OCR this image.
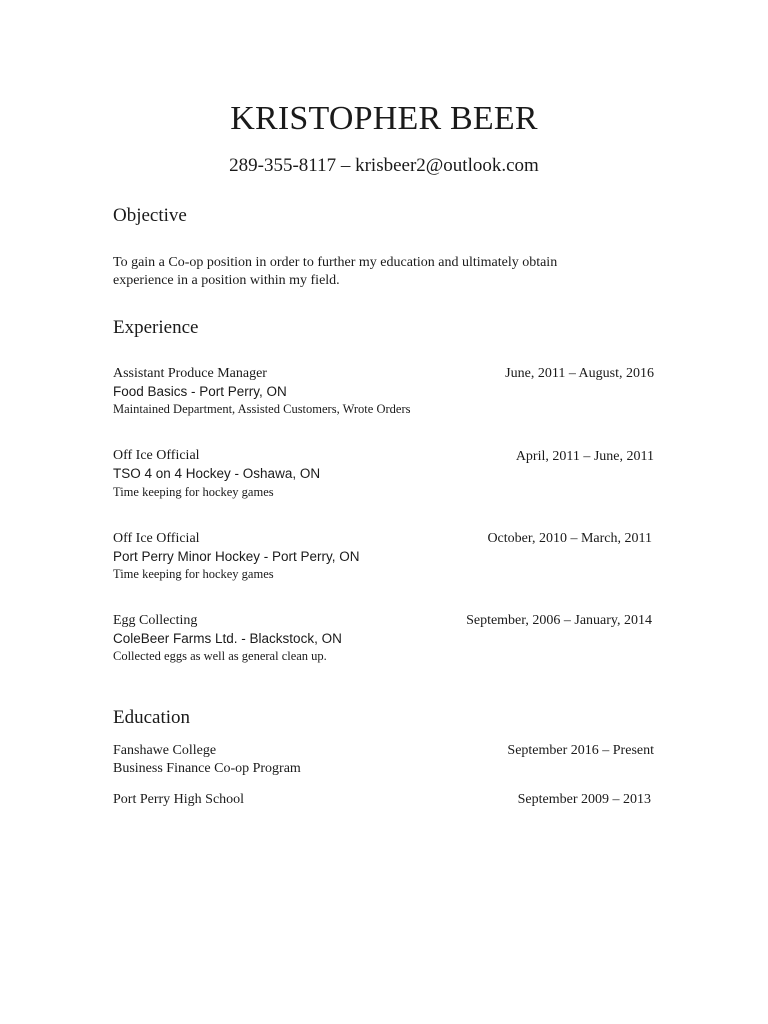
KRISTOPHER BEER
289-355-8117 – krisbeer2@outlook.com
Objective
To gain a Co-op position in order to further my education and ultimately obtain
experience in a position within my field.
Experience
Assistant Produce Manager	June, 2011 – August, 2016
Food Basics - Port Perry, ON
Maintained Department, Assisted Customers, Wrote Orders
Off Ice Official	April, 2011 – June, 2011
TSO 4 on 4 Hockey - Oshawa, ON
Time keeping for hockey games
Off Ice Official	October, 2010 – March, 2011
Port Perry Minor Hockey - Port Perry, ON
Time keeping for hockey games
Egg Collecting	September, 2006 – January, 2014
ColeBeer Farms Ltd. - Blackstock, ON
Collected eggs as well as general clean up.
Education
Fanshawe College	September 2016 – Present
Business Finance Co-op Program
Port Perry High School	September 2009 – 2013
